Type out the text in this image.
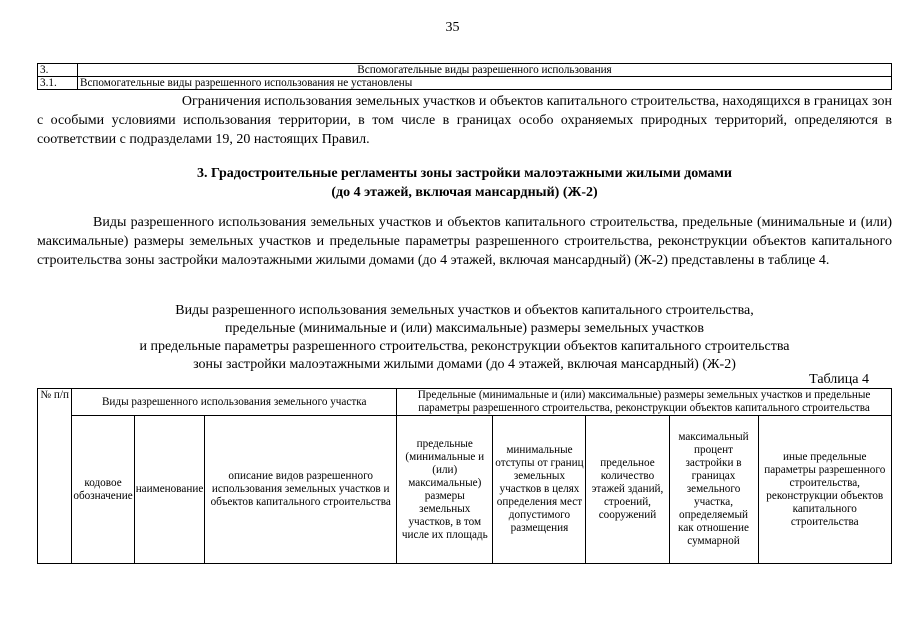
35
3.	Вспомогательные виды разрешенного использования
3.1.	Вспомогательные виды разрешенного использования не установлены
Ограничения использования земельных участков и объектов капитального строительства, находящихся в границах зон
с особыми условиями использования территории, в том числе в границах особо охраняемых природных территорий, определяются в соответствии с подразделами 19, 20 настоящих Правил.
3. Градостроительные регламенты зоны застройки малоэтажными жилыми домами
(до 4 этажей, включая мансардный) (Ж-2)
Виды разрешенного использования земельных участков и объектов капитального строительства, предельные (минимальные и (или) максимальные) размеры земельных участков и предельные параметры разрешенного строительства, реконструкции объектов капитального строительства зоны застройки малоэтажными жилыми домами (до 4 этажей, включая мансардный) (Ж-2) представлены в таблице 4.
Виды разрешенного использования земельных участков и объектов капитального строительства,
предельные (минимальные и (или) максимальные) размеры земельных участков
и предельные параметры разрешенного строительства, реконструкции объектов капитального строительства
зоны застройки малоэтажными жилыми домами (до 4 этажей, включая мансардный) (Ж-2)
Таблица 4
№ п/п	Виды разрешенного использования земельного участка			Предельные (минимальные и (или) максимальные) размеры земельных участков и предельные параметры разрешенного строительства, реконструкции объектов капитального строительства				
	кодовое обозначение	наименование	описание видов разрешенного использования земельных участков и объектов капитального строительства	предельные (минимальные и (или) максимальные) размеры земельных участков, в том числе их площадь	минимальные отступы от границ земельных участков в целях определения мест допустимого размещения	предельное количество этажей зданий, строений, сооружений	максимальный процент застройки в границах земельного участка, определяемый как отношение суммарной	иные предельные параметры разрешенного строительства, реконструкции объектов капитального строительства
